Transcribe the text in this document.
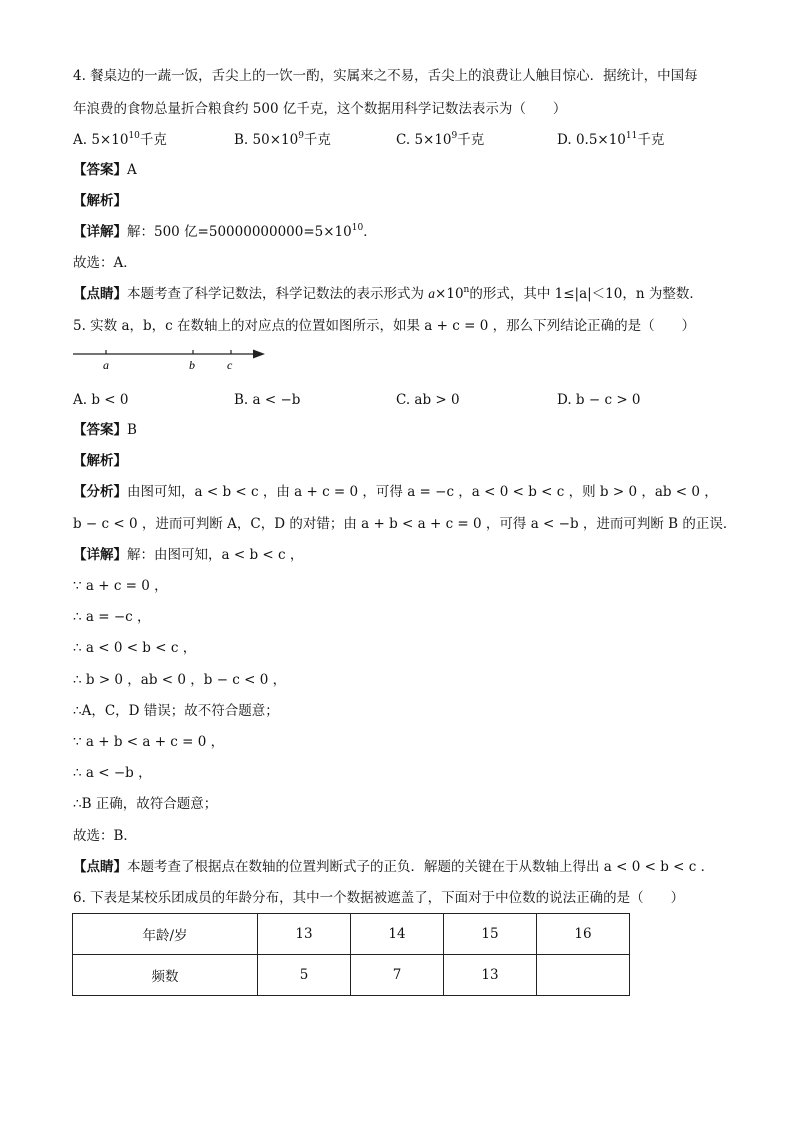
4. 餐桌边的一蔬一饭，舌尖上的一饮一酌，实属来之不易，舌尖上的浪费让人触目惊心．据统计，中国每
年浪费的食物总量折合粮食约 500 亿千克，这个数据用科学记数法表示为（　　）
A. $5\times 10^{10}$千克	B. $50\times 10^9$千克	C. $5\times 10^9$千克	D. $0.5\times 10^{11}$千克
【答案】A
【解析】
【详解】解：500 亿$=50000000000=5\times 10^{10}$．
故选：A．
【点睛】本题考查了科学记数法，科学记数法的表示形式为 $a\times 10^n$的形式，其中 1≤|a|＜10，n 为整数．
5. 实数 a，b，c 在数轴上的对应点的位置如图所示，如果 a + c = 0 ，那么下列结论正确的是（　　）
a	b	c
A. b < 0	B. a < −b	C. ab > 0	D. b − c > 0
【答案】B
【解析】
【分析】由图可知，a < b < c ，由 a + c = 0 ，可得 a = −c ，a < 0 < b < c ，则 b > 0 ，ab < 0 ，
b − c < 0 ，进而可判断 A，C，D 的对错；由 a + b < a + c = 0 ，可得 a < −b ，进而可判断 B 的正误．
【详解】解：由图可知，a < b < c ，
∵ a + c = 0 ，
∴ a = −c ，
∴ a < 0 < b < c ，
∴ b > 0 ，ab < 0 ，b − c < 0 ，
∴A，C，D 错误；故不符合题意；
∵ a + b < a + c = 0 ，
∴ a < −b ，
∴B 正确，故符合题意；
故选：B．
【点睛】本题考查了根据点在数轴的位置判断式子的正负．解题的关键在于从数轴上得出 a < 0 < b < c ．
6. 下表是某校乐团成员的年龄分布，其中一个数据被遮盖了，下面对于中位数的说法正确的是（　　）
年龄/岁	13	14	15	16
频数	5	7	13	
